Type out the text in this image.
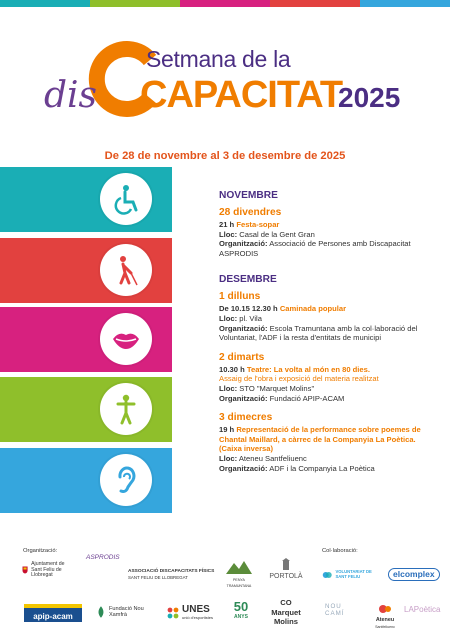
dis
Setmana de la
CAPACITAT
2025
De 28 de novembre al 3 de desembre de 2025
NOVEMBRE
28 divendres
21 h Festa-sopar
Lloc: Casal de la Gent Gran
Organització: Associació de Persones amb Discapacitat ASPRODIS
DESEMBRE
1 dilluns
De 10.15 12.30 h Caminada popular
Lloc: pl. Vila
Organització: Escola Tramuntana amb la col·laboració del Voluntariat, l'ADF i la resta d'entitats de municipi
2 dimarts
10.30 h Teatre: La volta al món en 80 dies.
Assaig de l'obra i exposició del materia realitzat
Lloc: STO "Marquet Molins"
Organització: Fundació APIP-ACAM
3 dimecres
19 h Representació de la performance sobre poemes de Chantal Maillard, a càrrec de la Companyia La Poètica. (Caixa inversa)
Lloc: Ateneu Santfeliuenc
Organització: ADF i la Companyia La Poètica
Organització:	Col·laboració:
Ajuntament de Sant Feliu de Llobregat
ASPRODIS
ASSOCIACIÓ DISCAPACITATS FÍSICS
SANT FELIU DE LLOBREGAT	PENYA TRAMUNTANA

PORTOLÀ
VOLUNTARIAT DE SANT FELIU	elcomplex
apip-acam
Fundació Nou Xamfrà	UNES
unió d'esportistes
50
ANYS
CO
Marquet
Molins
NOU CAMÍ

Ateneu
Santfeliuenc
LAPoètica
